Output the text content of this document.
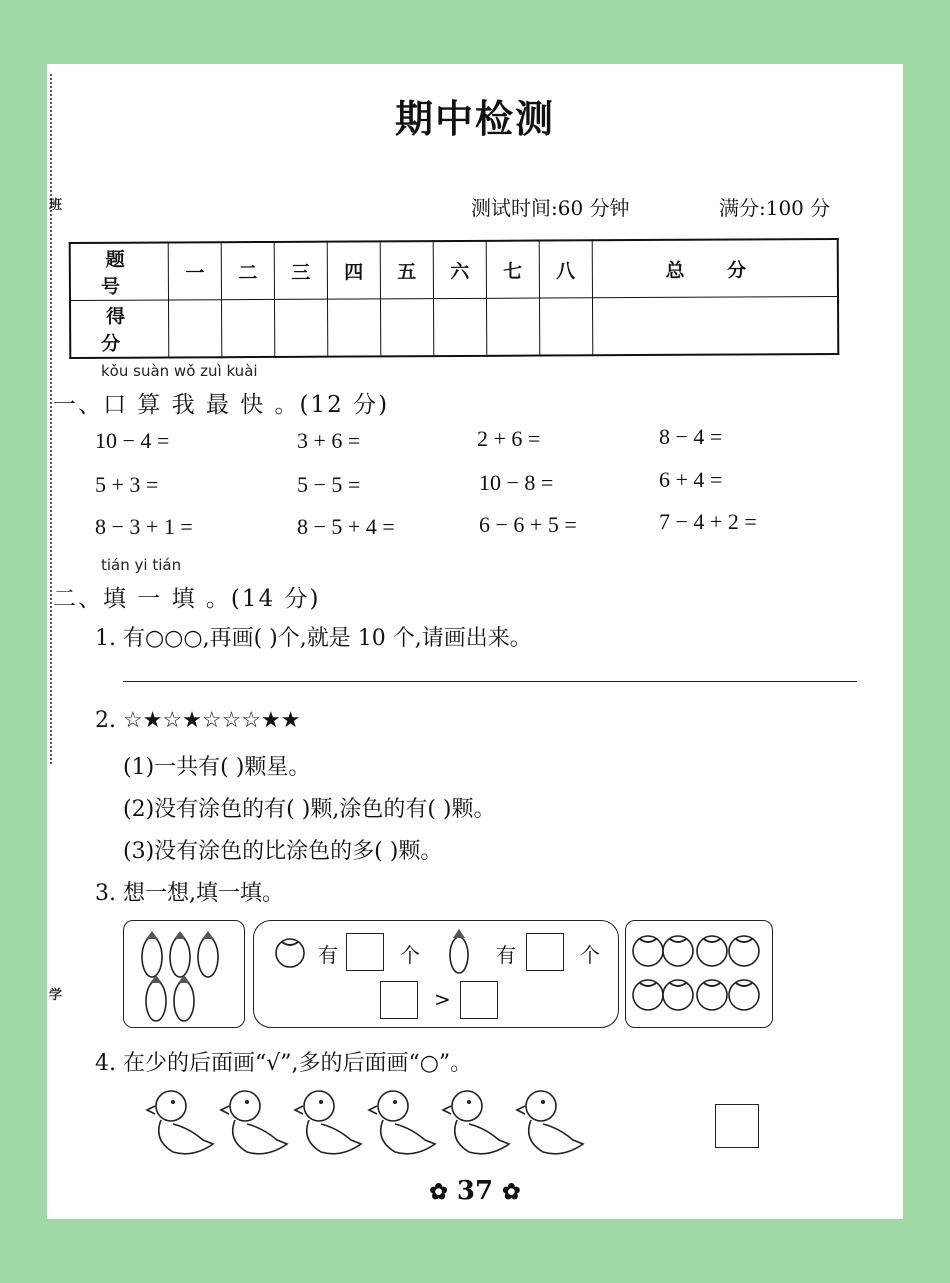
班
学
期中检测
测试时间:60 分钟	满分:100 分
题 号	一	二	三	四	五	六	七	八	总 分
得 分									
kǒu suàn wǒ zuì kuài
一、口 算 我 最 快 。(12 分)
10 − 4 =	3 + 6 =	2 + 6 =	8 − 4 =
5 + 3 =	5 − 5 =	10 − 8 =	6 + 4 =
8 − 3 + 1 =	8 − 5 + 4 =	6 − 6 + 5 =	7 − 4 + 2 =
tián yi tián
二、填 一 填 。(14 分)
1. 有○○○,再画( )个,就是 10 个,请画出来。
2. ☆★☆★☆☆☆★★
(1)一共有( )颗星。
(2)没有涂色的有( )颗,涂色的有( )颗。
(3)没有涂色的比涂色的多( )颗。
3. 想一想,填一填。
有	个	有	个
>
4. 在少的后面画“√”,多的后面画“○”。
✿ 37 ✿
